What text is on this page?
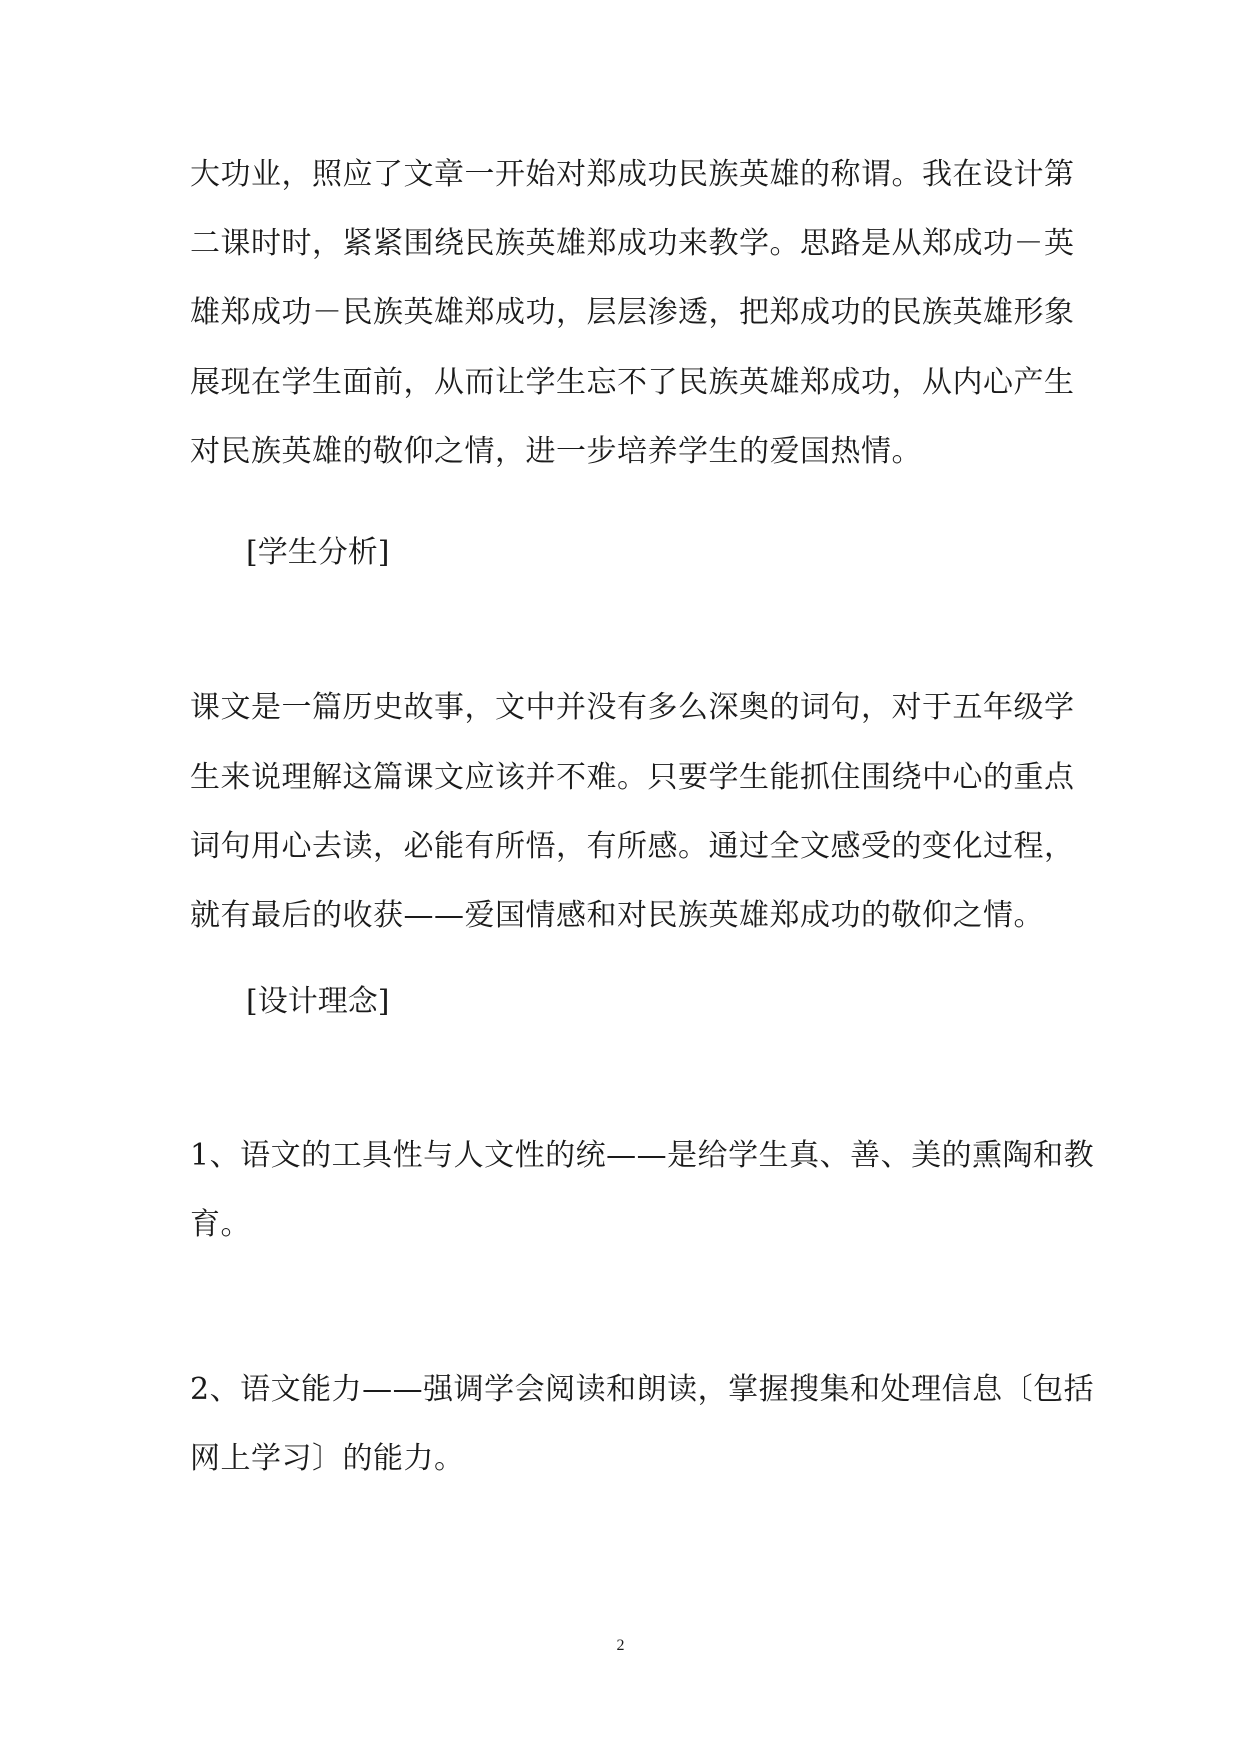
大功业，照应了文章一开始对郑成功民族英雄的称谓。我在设计第
二课时时，紧紧围绕民族英雄郑成功来教学。思路是从郑成功－英
雄郑成功－民族英雄郑成功，层层渗透，把郑成功的民族英雄形象
展现在学生面前，从而让学生忘不了民族英雄郑成功，从内心产生
对民族英雄的敬仰之情，进一步培养学生的爱国热情。
[学生分析]
课文是一篇历史故事，文中并没有多么深奥的词句，对于五年级学
生来说理解这篇课文应该并不难。只要学生能抓住围绕中心的重点
词句用心去读，必能有所悟，有所感。通过全文感受的变化过程，
就有最后的收获——爱国情感和对民族英雄郑成功的敬仰之情。
[设计理念]
1、语文的工具性与人文性的统——是给学生真、善、美的熏陶和教
育。
2、语文能力——强调学会阅读和朗读，掌握搜集和处理信息〔包括
网上学习〕的能力。
2
